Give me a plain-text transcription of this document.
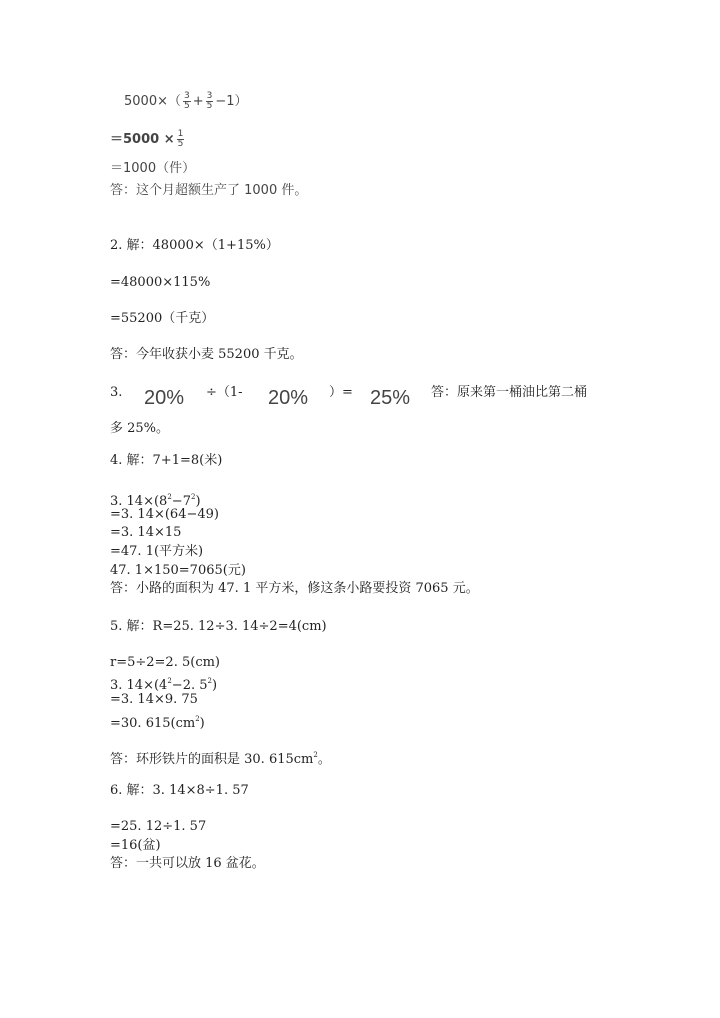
$5000\times( \frac{3}{5} + \frac{3}{5} -1)$
$=5000 \times \frac{1}{5}$
＝1000（件）
答：这个月超额生产了 1000 件。
2. 解：48000×（1+15%）
=48000×115%
=55200（千克）
答：今年收获小麦 55200 千克。
3. 20% ÷（1- 20% ）= 25% 答：原来第一桶油比第二桶
多 25%。
4. 解：7+1=8(米)
3. $14\times(8^2-7^2)$
=3. 14×(64−49)
=3. 14×15
=47. 1(平方米)
47. 1×150=7065(元)
答：小路的面积为 47. 1 平方米，修这条小路要投资 7065 元。
5. 解：R=25. 12÷3. 14÷2=4(cm)
r=5÷2=2. 5(cm)
3. $14\times(4^2-2$. $5^2$)
=3. 14×9. 75
=30. $615(cm^2)$
答：环形铁片的面积是 30. $615cm^2$。
6. 解：3. 14×8÷1. 57
=25. 12÷1. 57
=16(盆)
答：一共可以放 16 盆花。
